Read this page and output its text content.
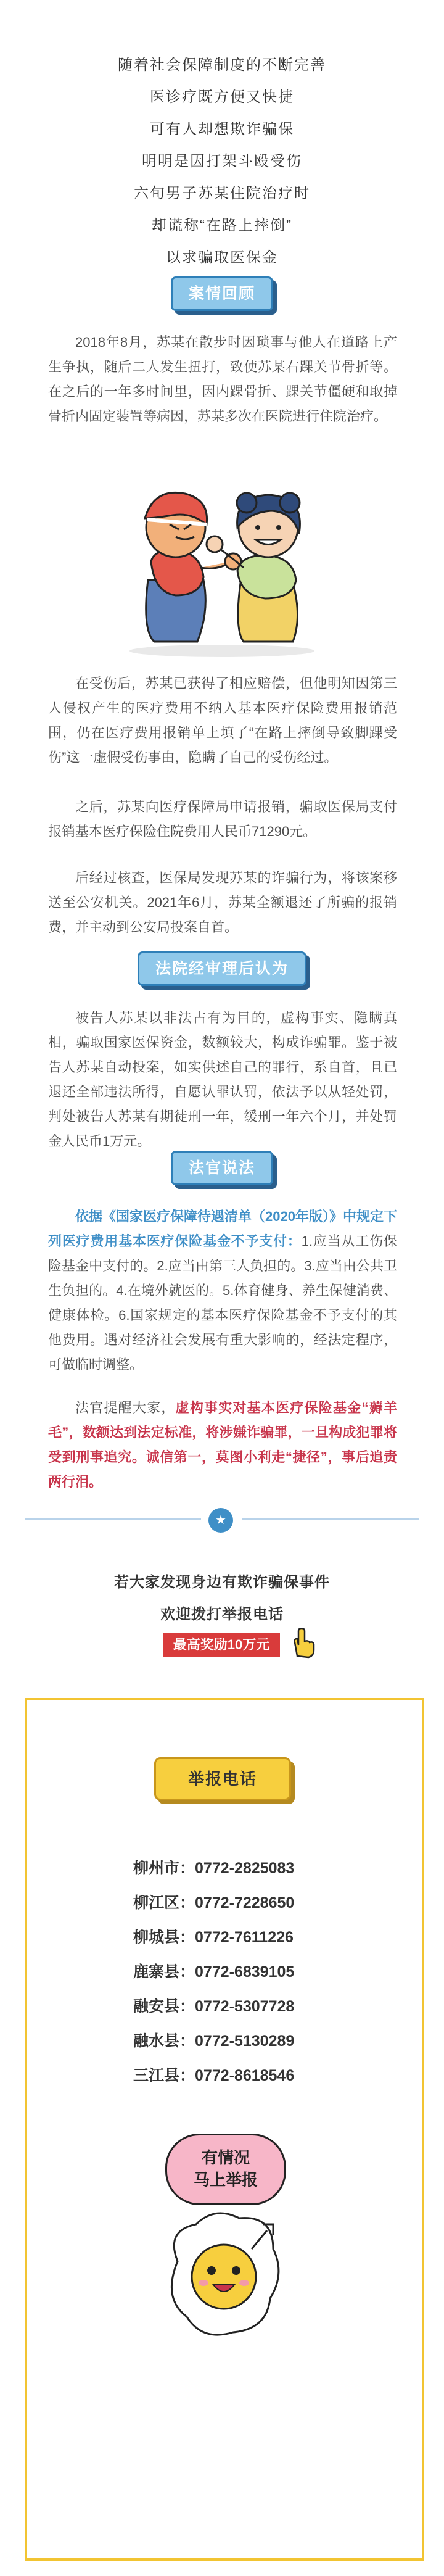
随着社会保障制度的不断完善

医诊疗既方便又快捷

可有人却想欺诈骗保

明明是因打架斗殴受伤

六旬男子苏某住院治疗时

却谎称“在路上摔倒”

以求骗取医保金

案情回顾

2018年8月，苏某在散步时因琐事与他人在道路上产生争执，随后二人发生扭打，致使苏某右踝关节骨折等。在之后的一年多时间里，因内踝骨折、踝关节僵硬和取掉骨折内固定装置等病因，苏某多次在医院进行住院治疗。

在受伤后，苏某已获得了相应赔偿，但他明知因第三人侵权产生的医疗费用不纳入基本医疗保险费用报销范围，仍在医疗费用报销单上填了“在路上摔倒导致脚踝受伤”这一虚假受伤事由，隐瞒了自己的受伤经过。

之后，苏某向医疗保障局申请报销，骗取医保局支付报销基本医疗保险住院费用人民币71290元。

后经过核查，医保局发现苏某的诈骗行为，将该案移送至公安机关。2021年6月，苏某全额退还了所骗的报销费，并主动到公安局投案自首。

法院经审理后认为

被告人苏某以非法占有为目的，虚构事实、隐瞒真相，骗取国家医保资金，数额较大，构成诈骗罪。鉴于被告人苏某自动投案，如实供述自己的罪行，系自首，且已退还全部违法所得，自愿认罪认罚，依法予以从轻处罚，判处被告人苏某有期徒刑一年，缓刑一年六个月，并处罚金人民币1万元。

法官说法

依据《国家医疗保障待遇清单（2020年版）》中规定下列医疗费用基本医疗保险基金不予支付：1.应当从工伤保险基金中支付的。2.应当由第三人负担的。3.应当由公共卫生负担的。4.在境外就医的。5.体育健身、养生保健消费、健康体检。6.国家规定的基本医疗保险基金不予支付的其他费用。遇对经济社会发展有重大影响的，经法定程序，可做临时调整。

法官提醒大家，虚构事实对基本医疗保险基金“薅羊毛”，数额达到法定标准，将涉嫌诈骗罪，一旦构成犯罪将受到刑事追究。诚信第一，莫图小利走“捷径”，事后追责两行泪。

★
若大家发现身边有欺诈骗保事件
欢迎拨打举报电话
最高奖励10万元
举报电话
柳州市：0772-2825083
柳江区：0772-7228650
柳城县：0772-7611226
鹿寨县：0772-6839105
融安县：0772-5307728
融水县：0772-5130289
三江县：0772-8618546
有情况
马上举报
